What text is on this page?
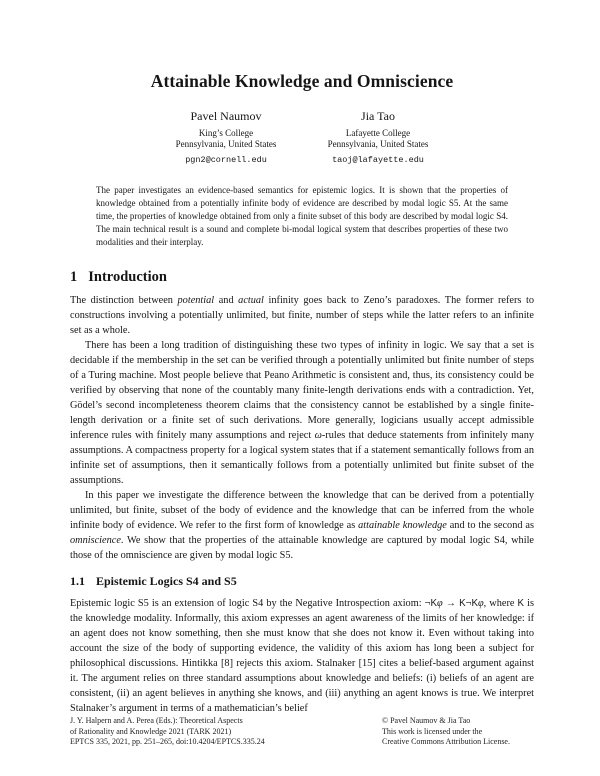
Attainable Knowledge and Omniscience
Pavel Naumov
King’s College
Pennsylvania, United States
pgn2@cornell.edu
Jia Tao
Lafayette College
Pennsylvania, United States
taoj@lafayette.edu
The paper investigates an evidence-based semantics for epistemic logics. It is shown that the properties of knowledge obtained from a potentially infinite body of evidence are described by modal logic S5. At the same time, the properties of knowledge obtained from only a finite subset of this body are described by modal logic S4. The main technical result is a sound and complete bi-modal logical system that describes properties of these two modalities and their interplay.
1 Introduction

The distinction between potential and actual infinity goes back to Zeno’s paradoxes. The former refers to constructions involving a potentially unlimited, but finite, number of steps while the latter refers to an infinite set as a whole.

There has been a long tradition of distinguishing these two types of infinity in logic. We say that a set is decidable if the membership in the set can be verified through a potentially unlimited but finite number of steps of a Turing machine. Most people believe that Peano Arithmetic is consistent and, thus, its consistency could be verified by observing that none of the countably many finite-length derivations ends with a contradiction. Yet, Gödel’s second incompleteness theorem claims that the consistency cannot be established by a single finite-length derivation or a finite set of such derivations. More generally, logicians usually accept admissible inference rules with finitely many assumptions and reject ω-rules that deduce statements from infinitely many assumptions. A compactness property for a logical system states that if a statement semantically follows from an infinite set of assumptions, then it semantically follows from a potentially unlimited but finite subset of the assumptions.

In this paper we investigate the difference between the knowledge that can be derived from a potentially unlimited, but finite, subset of the body of evidence and the knowledge that can be inferred from the whole infinite body of evidence. We refer to the first form of knowledge as attainable knowledge and to the second as omniscience. We show that the properties of the attainable knowledge are captured by modal logic S4, while those of the omniscience are given by modal logic S5.

1.1 Epistemic Logics S4 and S5

Epistemic logic S5 is an extension of logic S4 by the Negative Introspection axiom: ¬Kφ → K¬Kφ, where K is the knowledge modality. Informally, this axiom expresses an agent awareness of the limits of her knowledge: if an agent does not know something, then she must know that she does not know it. Even without taking into account the size of the body of supporting evidence, the validity of this axiom has long been a subject for philosophical discussions. Hintikka [8] rejects this axiom. Stalnaker [15] cites a belief-based argument against it. The argument relies on three standard assumptions about knowledge and beliefs: (i) beliefs of an agent are consistent, (ii) an agent believes in anything she knows, and (iii) anything an agent knows is true. We interpret Stalnaker’s argument in terms of a mathematician’s belief

J. Y. Halpern and A. Perea (Eds.): Theoretical Aspects
of Rationality and Knowledge 2021 (TARK 2021)
EPTCS 335, 2021, pp. 251–265, doi:10.4204/EPTCS.335.24
© Pavel Naumov & Jia Tao
This work is licensed under the
Creative Commons Attribution License.
